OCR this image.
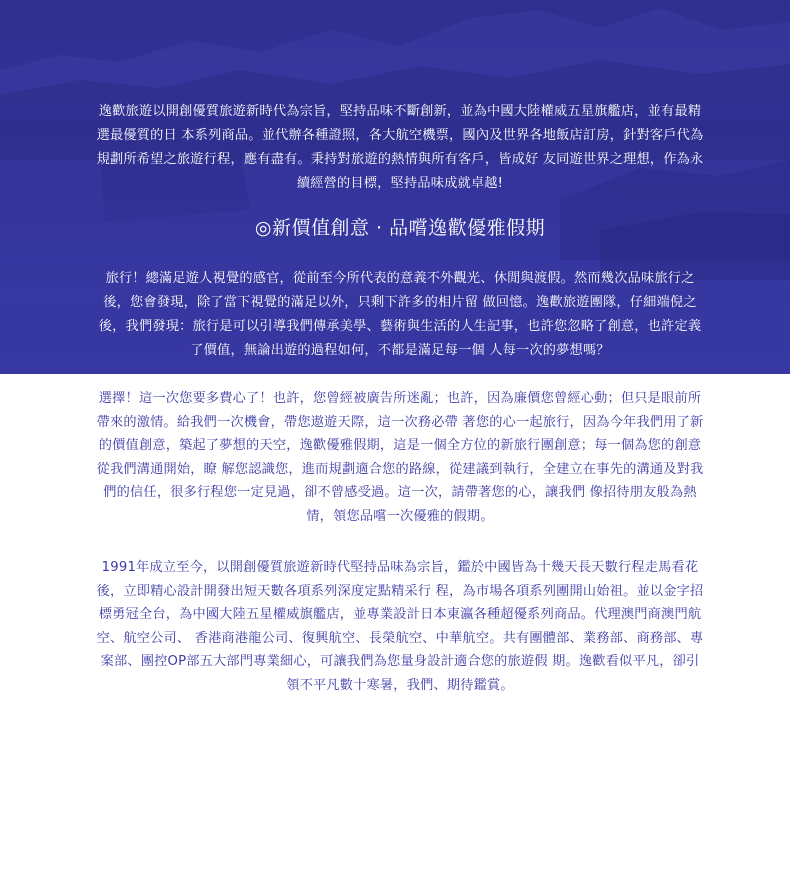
逸歡旅遊以開創優質旅遊新時代為宗旨，堅持品味不斷創新，並為中國大陸權威五星旗艦店，並有最精選最優質的日 本系列商品。並代辦各種證照，各大航空機票，國內及世界各地飯店訂房，針對客戶代為規劃所希望之旅遊行程，應有盡有。秉持對旅遊的熱情與所有客戶，皆成好 友同遊世界之理想，作為永續經營的目標，堅持品味成就卓越!

◎新價值創意 · 品嚐逸歡優雅假期

旅行！總滿足遊人視覺的感官，從前至今所代表的意義不外觀光、休閒與渡假。然而幾次品味旅行之後，您會發現，除了當下視覺的滿足以外，只剩下許多的相片留 做回憶。逸歡旅遊團隊，仔細端倪之後，我們發現：旅行是可以引導我們傳承美學、藝術與生活的人生記事，也許您忽略了創意，也許定義了價值，無論出遊的過程如何，不都是滿足每一個 人每一次的夢想嗎？

選擇！這一次您要多費心了！也許，您曾經被廣告所迷亂；也許，因為廉價您曾經心動；但只是眼前所帶來的激情。給我們一次機會，帶您遨遊天際，這一次務必帶 著您的心一起旅行，因為今年我們用了新的價值創意，築起了夢想的天空，逸歡優雅假期，這是一個全方位的新旅行團創意；每一個為您的創意從我們溝通開始，瞭 解您認識您，進而規劃適合您的路線，從建議到執行，全建立在事先的溝通及對我們的信任，很多行程您一定見過，卻不曾感受過。這一次，請帶著您的心，讓我們 像招待朋友般為熱情，領您品嚐一次優雅的假期。

1991年成立至今，以開創優質旅遊新時代堅持品味為宗旨，鑑於中國皆為十幾天長天數行程走馬看花後，立即精心設計開發出短天數各項系列深度定點精采行 程，為市場各項系列團開山始祖。並以金字招標勇冠全台，為中國大陸五星權威旗艦店，並專業設計日本東瀛各種超優系列商品。代理澳門商澳門航空、航空公司、 香港商港龍公司、復興航空、長榮航空、中華航空。共有團體部、業務部、商務部、專案部、團控OP部五大部門專業細心，可讓我們為您量身設計適合您的旅遊假 期。逸歡看似平凡，卻引領不平凡數十寒暑，我們、期待鑑賞。
